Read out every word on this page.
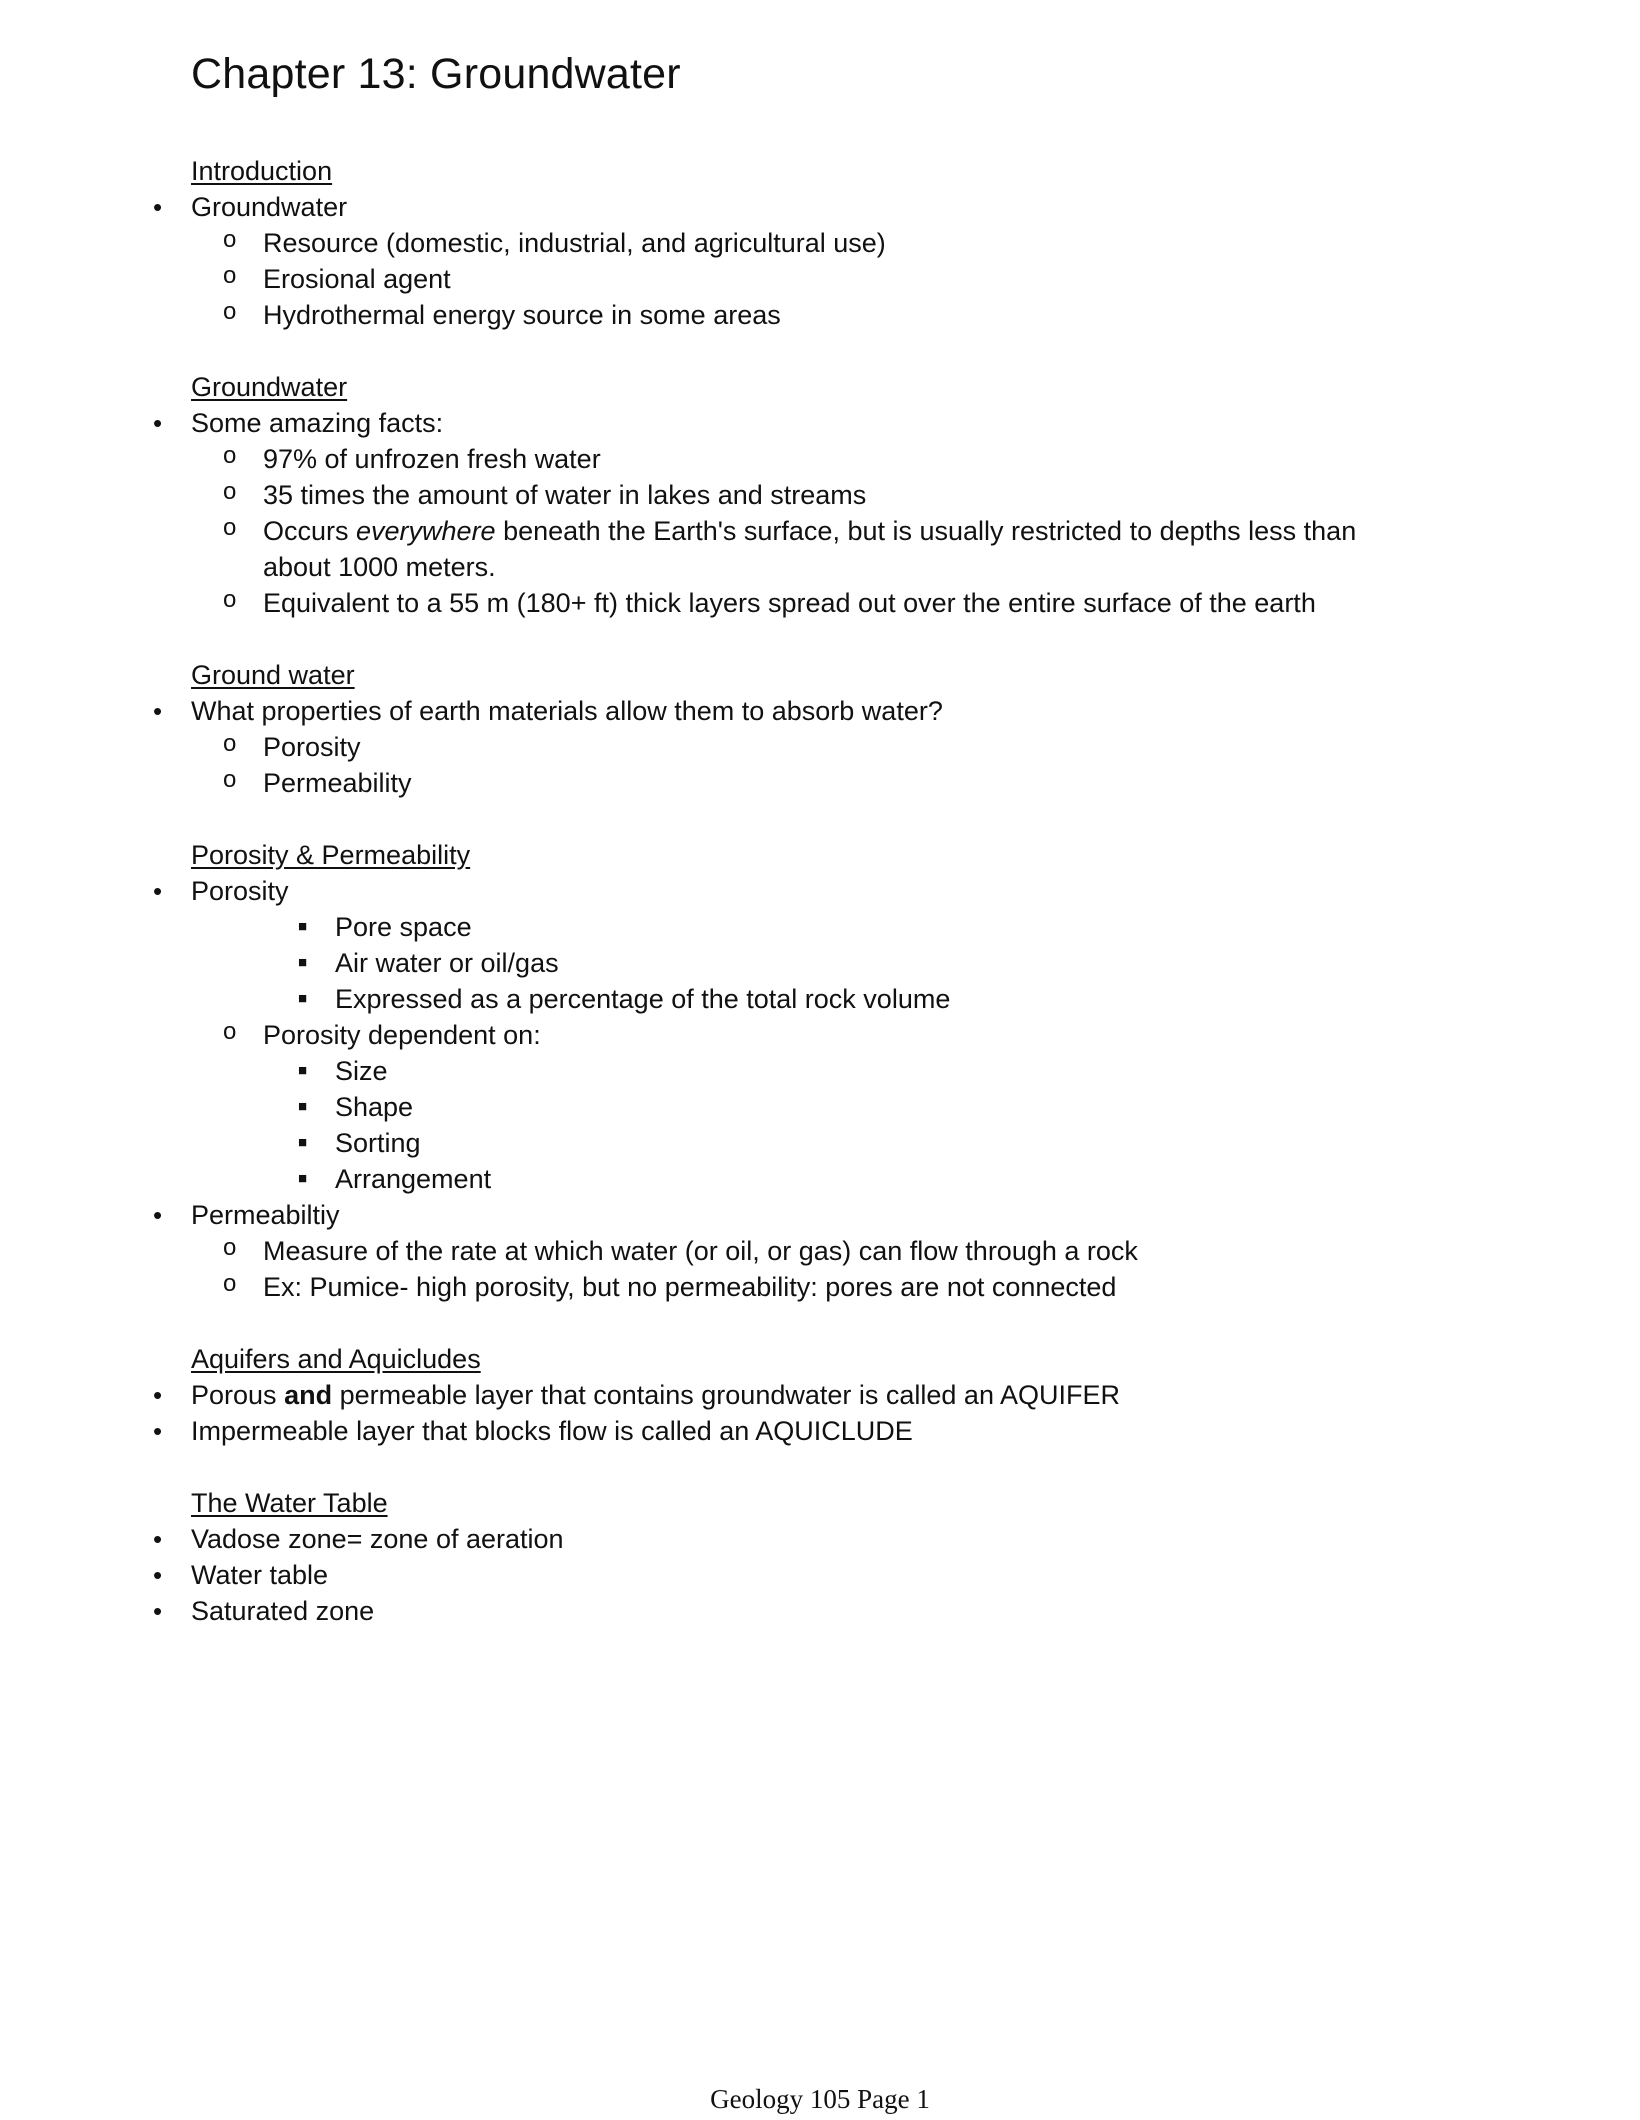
Chapter 13: Groundwater
Introduction
• Groundwater
o Resource (domestic, industrial, and agricultural use)
o Erosional agent
o Hydrothermal energy source in some areas
Groundwater
• Some amazing facts:
o 97% of unfrozen fresh water
o 35 times the amount of water in lakes and streams
o Occurs everywhere beneath the Earth's surface, but is usually restricted to depths less than about 1000 meters.
o Equivalent to a 55 m (180+ ft) thick layers spread out over the entire surface of the earth
Ground water
• What properties of earth materials allow them to absorb water?
o Porosity
o Permeability
Porosity & Permeability
• Porosity
■ Pore space
■ Air water or oil/gas
■ Expressed as a percentage of the total rock volume
o Porosity dependent on:
■ Size
■ Shape
■ Sorting
■ Arrangement
• Permeabiltiy
o Measure of the rate at which water (or oil, or gas) can flow through a rock
o Ex: Pumice- high porosity, but no permeability: pores are not connected
Aquifers and Aquicludes
• Porous and permeable layer that contains groundwater is called an AQUIFER
• Impermeable layer that blocks flow is called an AQUICLUDE
The Water Table
• Vadose zone= zone of aeration
• Water table
• Saturated zone
Geology 105 Page 1
